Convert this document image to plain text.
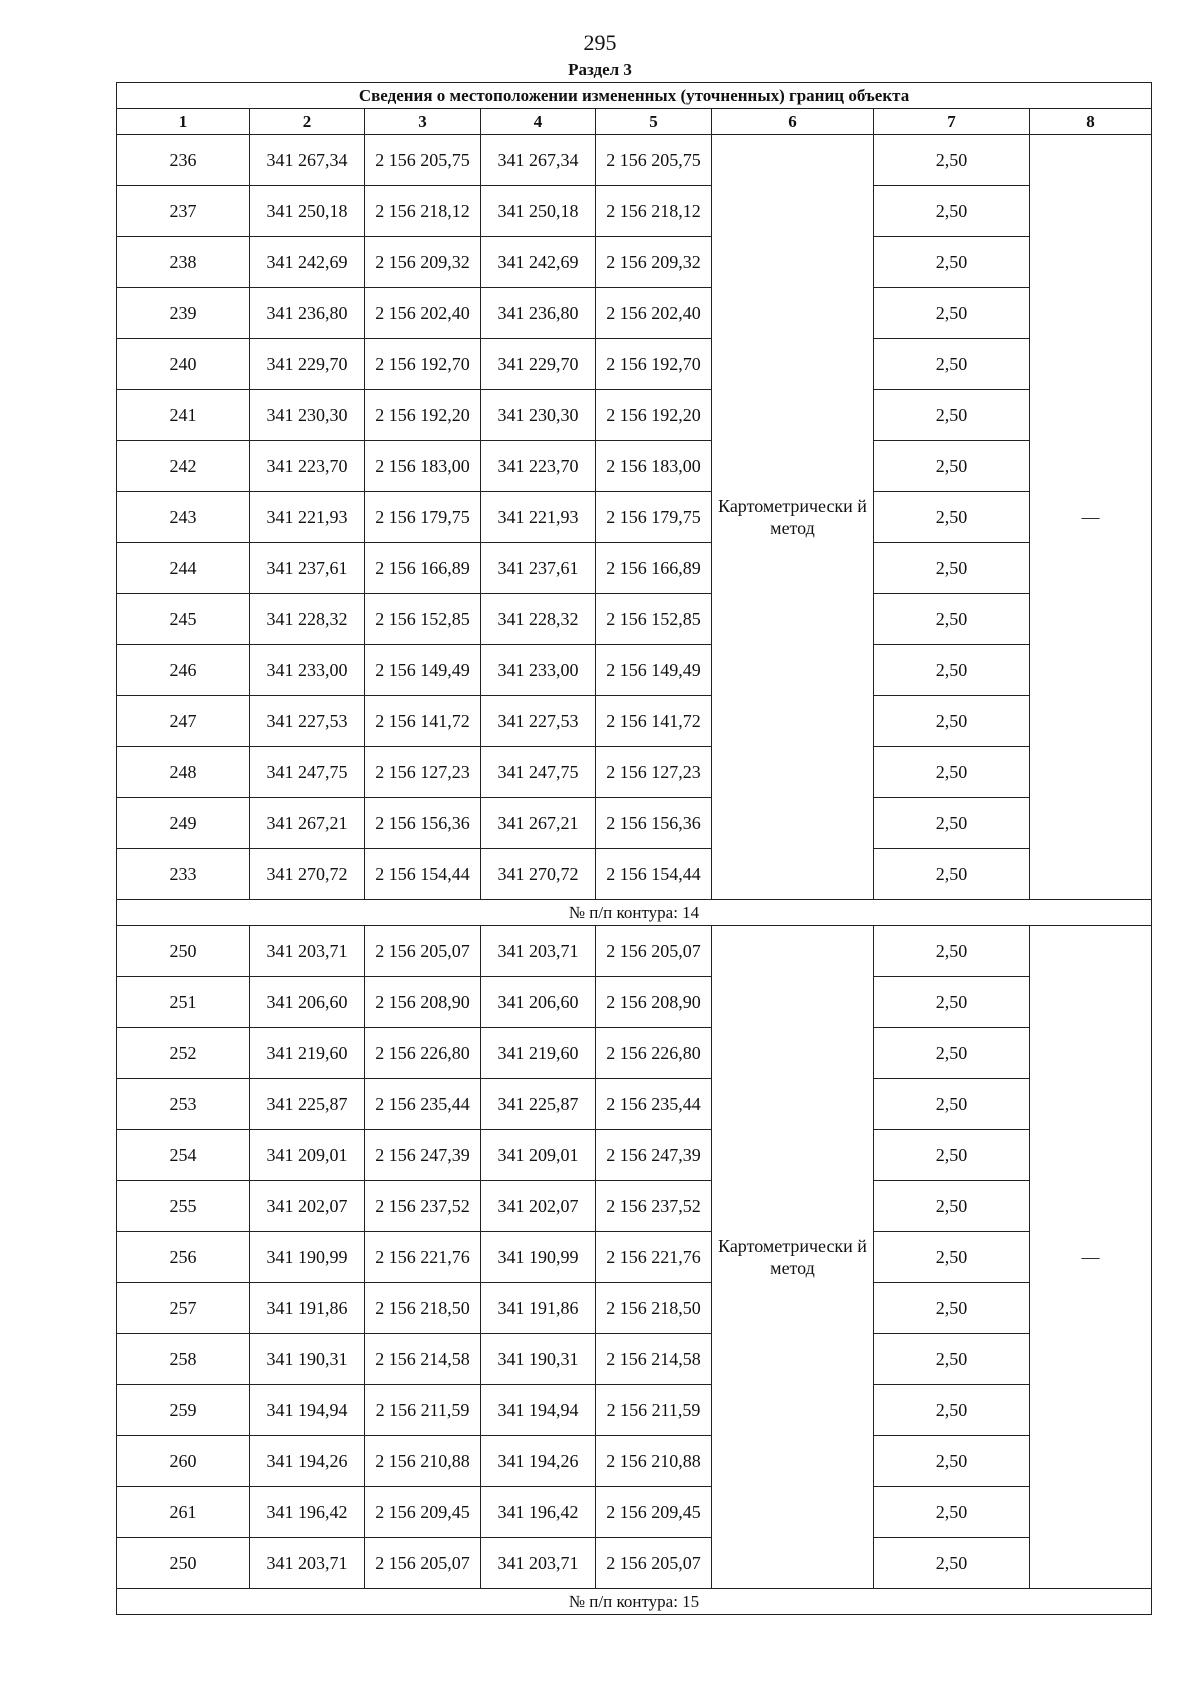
295
Раздел 3
Сведения о местоположении измененных (уточненных) границ объекта							
1	2	3	4	5	6	7	8
236	341 267,34	2 156 205,75	341 267,34	2 156 205,75	Картометрически й метод	2,50	—
237	341 250,18	2 156 218,12	341 250,18	2 156 218,12		2,50	
238	341 242,69	2 156 209,32	341 242,69	2 156 209,32		2,50	
239	341 236,80	2 156 202,40	341 236,80	2 156 202,40		2,50	
240	341 229,70	2 156 192,70	341 229,70	2 156 192,70		2,50	
241	341 230,30	2 156 192,20	341 230,30	2 156 192,20		2,50	
242	341 223,70	2 156 183,00	341 223,70	2 156 183,00		2,50	
243	341 221,93	2 156 179,75	341 221,93	2 156 179,75		2,50	
244	341 237,61	2 156 166,89	341 237,61	2 156 166,89		2,50	
245	341 228,32	2 156 152,85	341 228,32	2 156 152,85		2,50	
246	341 233,00	2 156 149,49	341 233,00	2 156 149,49		2,50	
247	341 227,53	2 156 141,72	341 227,53	2 156 141,72		2,50	
248	341 247,75	2 156 127,23	341 247,75	2 156 127,23		2,50	
249	341 267,21	2 156 156,36	341 267,21	2 156 156,36		2,50	
233	341 270,72	2 156 154,44	341 270,72	2 156 154,44		2,50	
№ п/п контура: 14							
250	341 203,71	2 156 205,07	341 203,71	2 156 205,07	Картометрически й метод	2,50	—
251	341 206,60	2 156 208,90	341 206,60	2 156 208,90		2,50	
252	341 219,60	2 156 226,80	341 219,60	2 156 226,80		2,50	
253	341 225,87	2 156 235,44	341 225,87	2 156 235,44		2,50	
254	341 209,01	2 156 247,39	341 209,01	2 156 247,39		2,50	
255	341 202,07	2 156 237,52	341 202,07	2 156 237,52		2,50	
256	341 190,99	2 156 221,76	341 190,99	2 156 221,76		2,50	
257	341 191,86	2 156 218,50	341 191,86	2 156 218,50		2,50	
258	341 190,31	2 156 214,58	341 190,31	2 156 214,58		2,50	
259	341 194,94	2 156 211,59	341 194,94	2 156 211,59		2,50	
260	341 194,26	2 156 210,88	341 194,26	2 156 210,88		2,50	
261	341 196,42	2 156 209,45	341 196,42	2 156 209,45		2,50	
250	341 203,71	2 156 205,07	341 203,71	2 156 205,07		2,50	
№ п/п контура: 15							
